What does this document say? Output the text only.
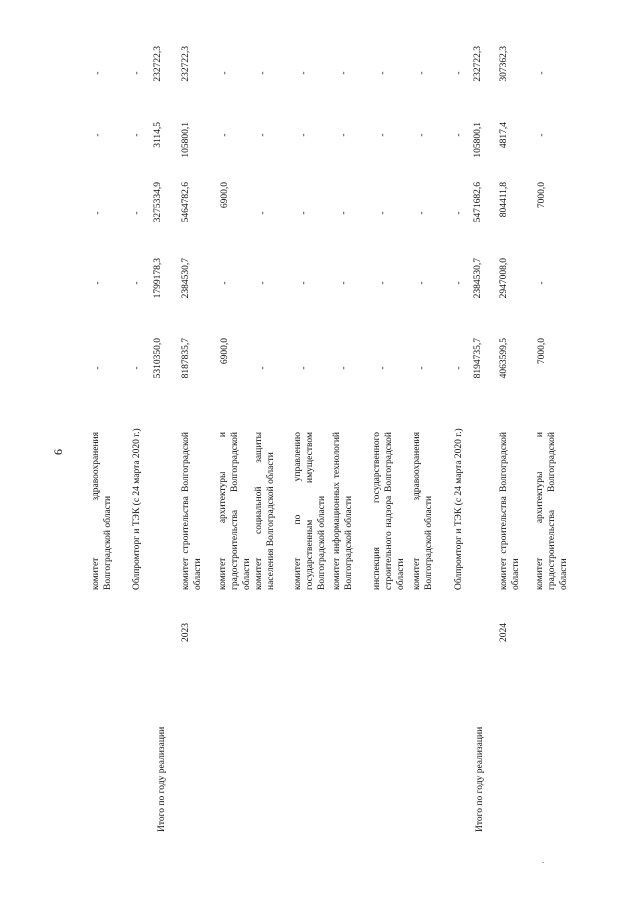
9	комитет здравоохранения Волгоградской области
-
-
-
-
-
Облпромторг и ТЭК (с 24 марта 2020 г.)
-
-
-
-
-
Итого по году реализации
5310350,0
1799178,3
3275334,9
3114,5
232722,3
2023
комитет строительства Волгоградской области
8187835,7
2384530,7
5464782,6
105800,1
232722,3
комитет архитектуры и градостроительства Волгоградской области
6900,0
-
6900,0
-
-
комитет социальной защиты населения Волгоградской области
-
-
-
-
-
комитет по управлению государственным имуществом Волгоградской области
-
-
-
-
-
комитет информационных технологий Волгоградской области
-
-
-
-
-
инспекция государственного строительного надзора Волгоградской области
-
-
-
-
-
комитет здравоохранения Волгоградской области
-
-
-
-
-
Облпромторг и ТЭК (с 24 марта 2020 г.)
-
-
-
-
-
Итого по году реализации
8194735,7
2384530,7
5471682,6
105800,1
232722,3
2024
комитет строительства Волгоградской области
4063599,5
2947008,0
804411,8
4817,4
307362,3
комитет архитектуры и градостроительства Волгоградской области
7000,0
-
7000,0
-
-
